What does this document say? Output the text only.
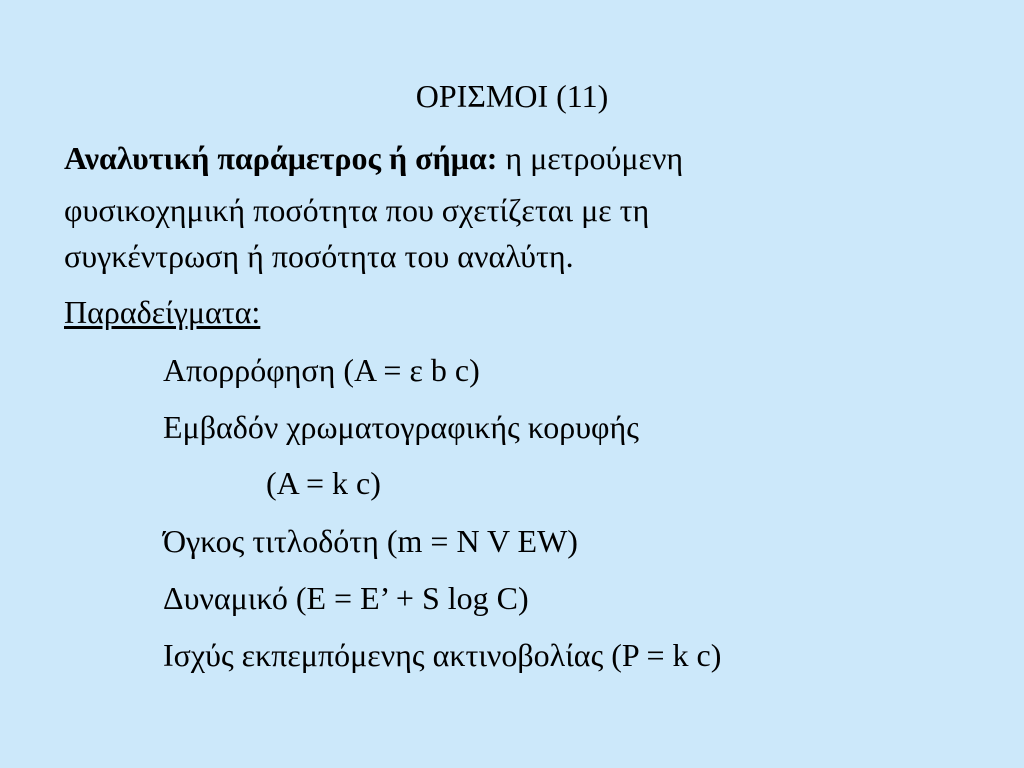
ΟΡΙΣΜΟΙ (11)
Αναλυτική παράμετρος ή σήμα: η μετρούμενη
φυσικοχημική ποσότητα που σχετίζεται με τη
συγκέντρωση ή ποσότητα του αναλύτη.
Παραδείγματα:
Απορρόφηση (A = ε b c)
Εμβαδόν χρωματογραφικής κορυφής
(A = k c)
Όγκος τιτλοδότη (m = N V EW)
Δυναμικό (E = E’ + S log C)
Ισχύς εκπεμπόμενης ακτινοβολίας (P = k c)
